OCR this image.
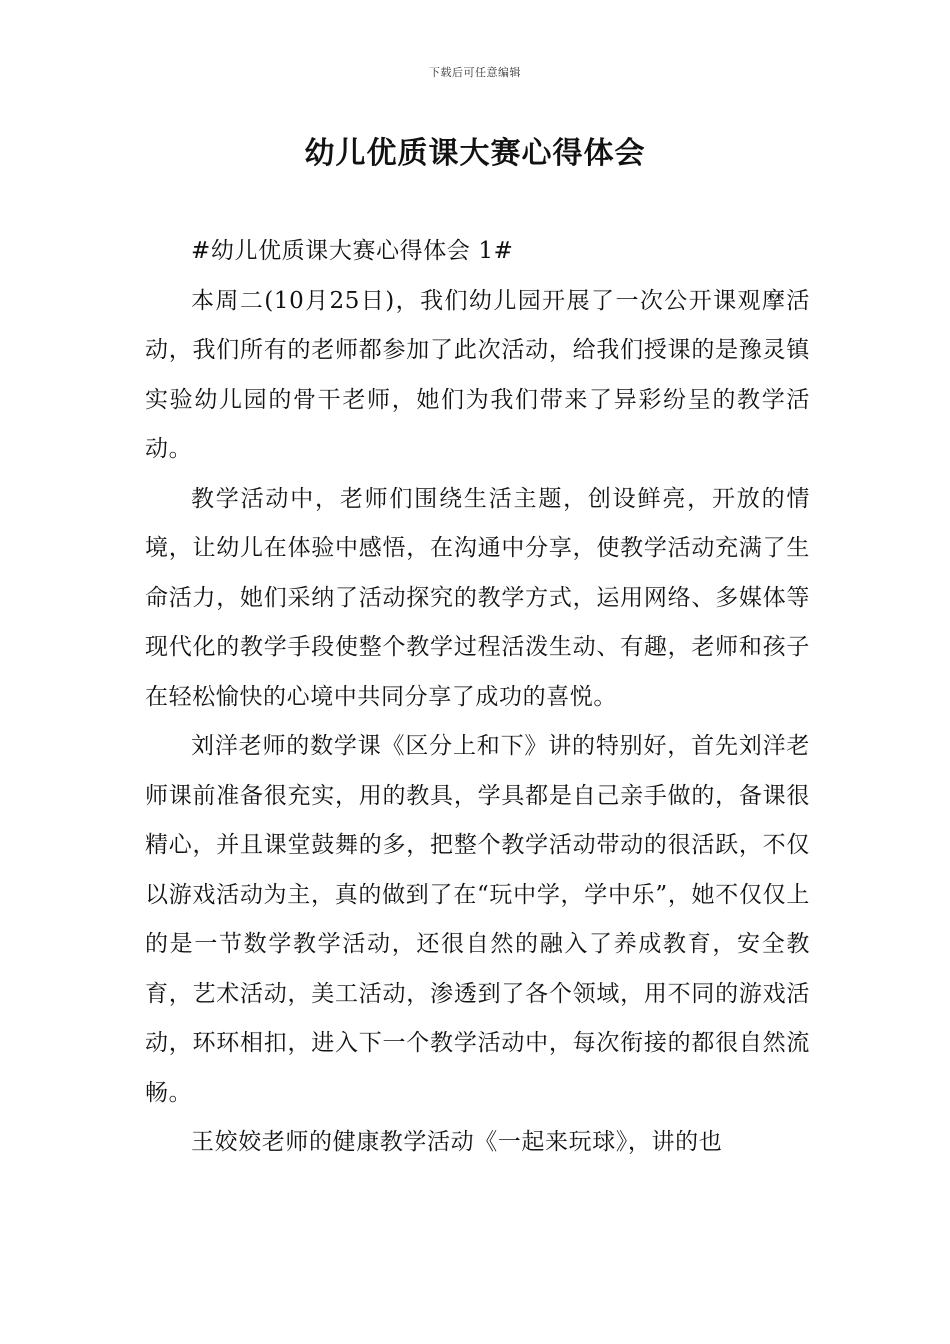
下载后可任意编辑
幼儿优质课大赛心得体会

#幼儿优质课大赛心得体会 1#

本周二(10月25日)，我们幼儿园开展了一次公开课观摩活动，我们所有的老师都参加了此次活动，给我们授课的是豫灵镇实验幼儿园的骨干老师，她们为我们带来了异彩纷呈的教学活动。

教学活动中，老师们围绕生活主题，创设鲜亮，开放的情境，让幼儿在体验中感悟，在沟通中分享，使教学活动充满了生命活力，她们采纳了活动探究的教学方式，运用网络、多媒体等现代化的教学手段使整个教学过程活泼生动、有趣，老师和孩子在轻松愉快的心境中共同分享了成功的喜悦。

刘洋老师的数学课《区分上和下》讲的特别好，首先刘洋老师课前准备很充实，用的教具，学具都是自己亲手做的，备课很精心，并且课堂鼓舞的多，把整个教学活动带动的很活跃，不仅以游戏活动为主，真的做到了在“玩中学，学中乐”，她不仅仅上的是一节数学教学活动，还很自然的融入了养成教育，安全教育，艺术活动，美工活动，渗透到了各个领域，用不同的游戏活动，环环相扣，进入下一个教学活动中，每次衔接的都很自然流畅。

王姣姣老师的健康教学活动《一起来玩球》，讲的也
